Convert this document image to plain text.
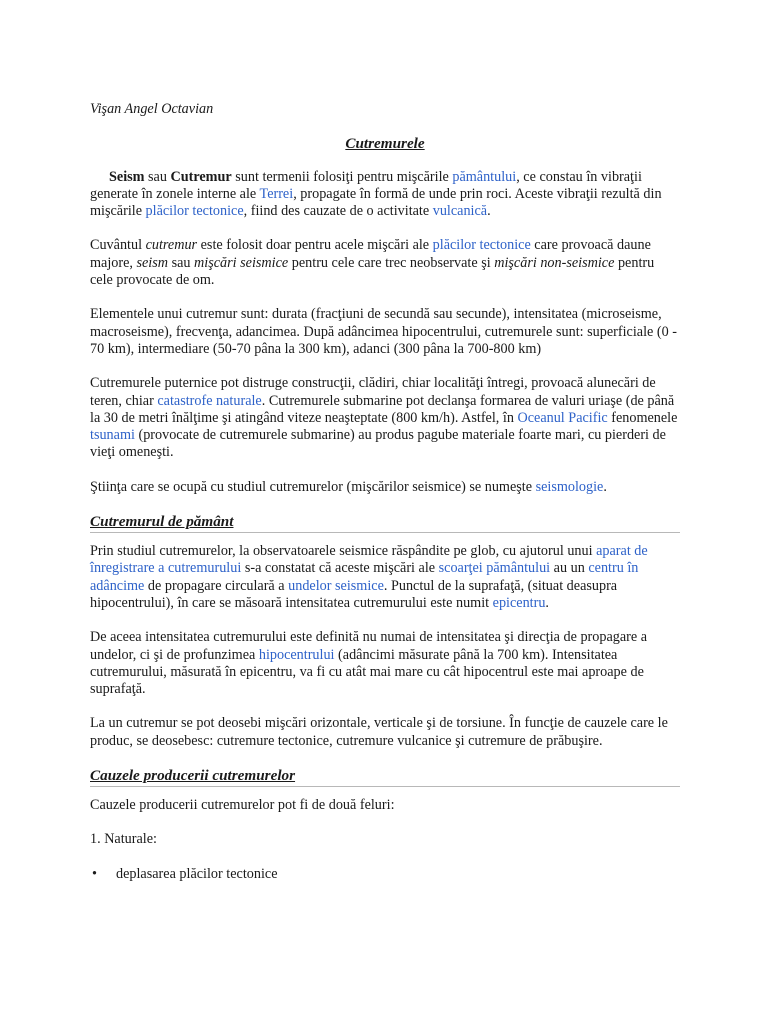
Vişan Angel Octavian

Cutremurele

Seism sau Cutremur sunt termenii folosiţi pentru mişcările pământului, ce constau în vibraţii generate în zonele interne ale Terrei, propagate în formă de unde prin roci. Aceste vibraţii rezultă din mişcările plăcilor tectonice, fiind des cauzate de o activitate vulcanică.

Cuvântul cutremur este folosit doar pentru acele mişcări ale plăcilor tectonice care provoacă daune majore, seism sau mişcări seismice pentru cele care trec neobservate şi mişcări non-seismice pentru cele provocate de om.

Elementele unui cutremur sunt: durata (fracţiuni de secundă sau secunde), intensitatea (microseisme, macroseisme), frecvenţa, adancimea. După adâncimea hipocentrului, cutremurele sunt: superficiale (0 - 70 km), intermediare (50-70 pâna la 300 km), adanci (300 pâna la 700-800 km)

Cutremurele puternice pot distruge construcţii, clădiri, chiar localităţi întregi, provoacă alunecări de teren, chiar catastrofe naturale. Cutremurele submarine pot declanşa formarea de valuri uriaşe (de până la 30 de metri înălţime şi atingând viteze neaşteptate (800 km/h). Astfel, în Oceanul Pacific fenomenele tsunami (provocate de cutremurele submarine) au produs pagube materiale foarte mari, cu pierderi de vieţi omeneşti.

Ştiinţa care se ocupă cu studiul cutremurelor (mişcărilor seismice) se numeşte seismologie.

Cutremurul de pământ

Prin studiul cutremurelor, la observatoarele seismice răspândite pe glob, cu ajutorul unui aparat de înregistrare a cutremurului s-a constatat că aceste mişcări ale scoarţei pământului au un centru în adâncime de propagare circulară a undelor seismice. Punctul de la suprafaţă, (situat deasupra hipocentrului), în care se măsoară intensitatea cutremurului este numit epicentru.

De aceea intensitatea cutremurului este definită nu numai de intensitatea şi direcţia de propagare a undelor, ci şi de profunzimea hipocentrului (adâncimi măsurate până la 700 km). Intensitatea cutremurului, măsurată în epicentru, va fi cu atât mai mare cu cât hipocentrul este mai aproape de suprafaţă.

La un cutremur se pot deosebi mişcări orizontale, verticale şi de torsiune. În funcţie de cauzele care le produc, se deosebesc: cutremure tectonice, cutremure vulcanice şi cutremure de prăbuşire.

Cauzele producerii cutremurelor

Cauzele producerii cutremurelor pot fi de două feluri:

1. Naturale:

• deplasarea plăcilor tectonice
